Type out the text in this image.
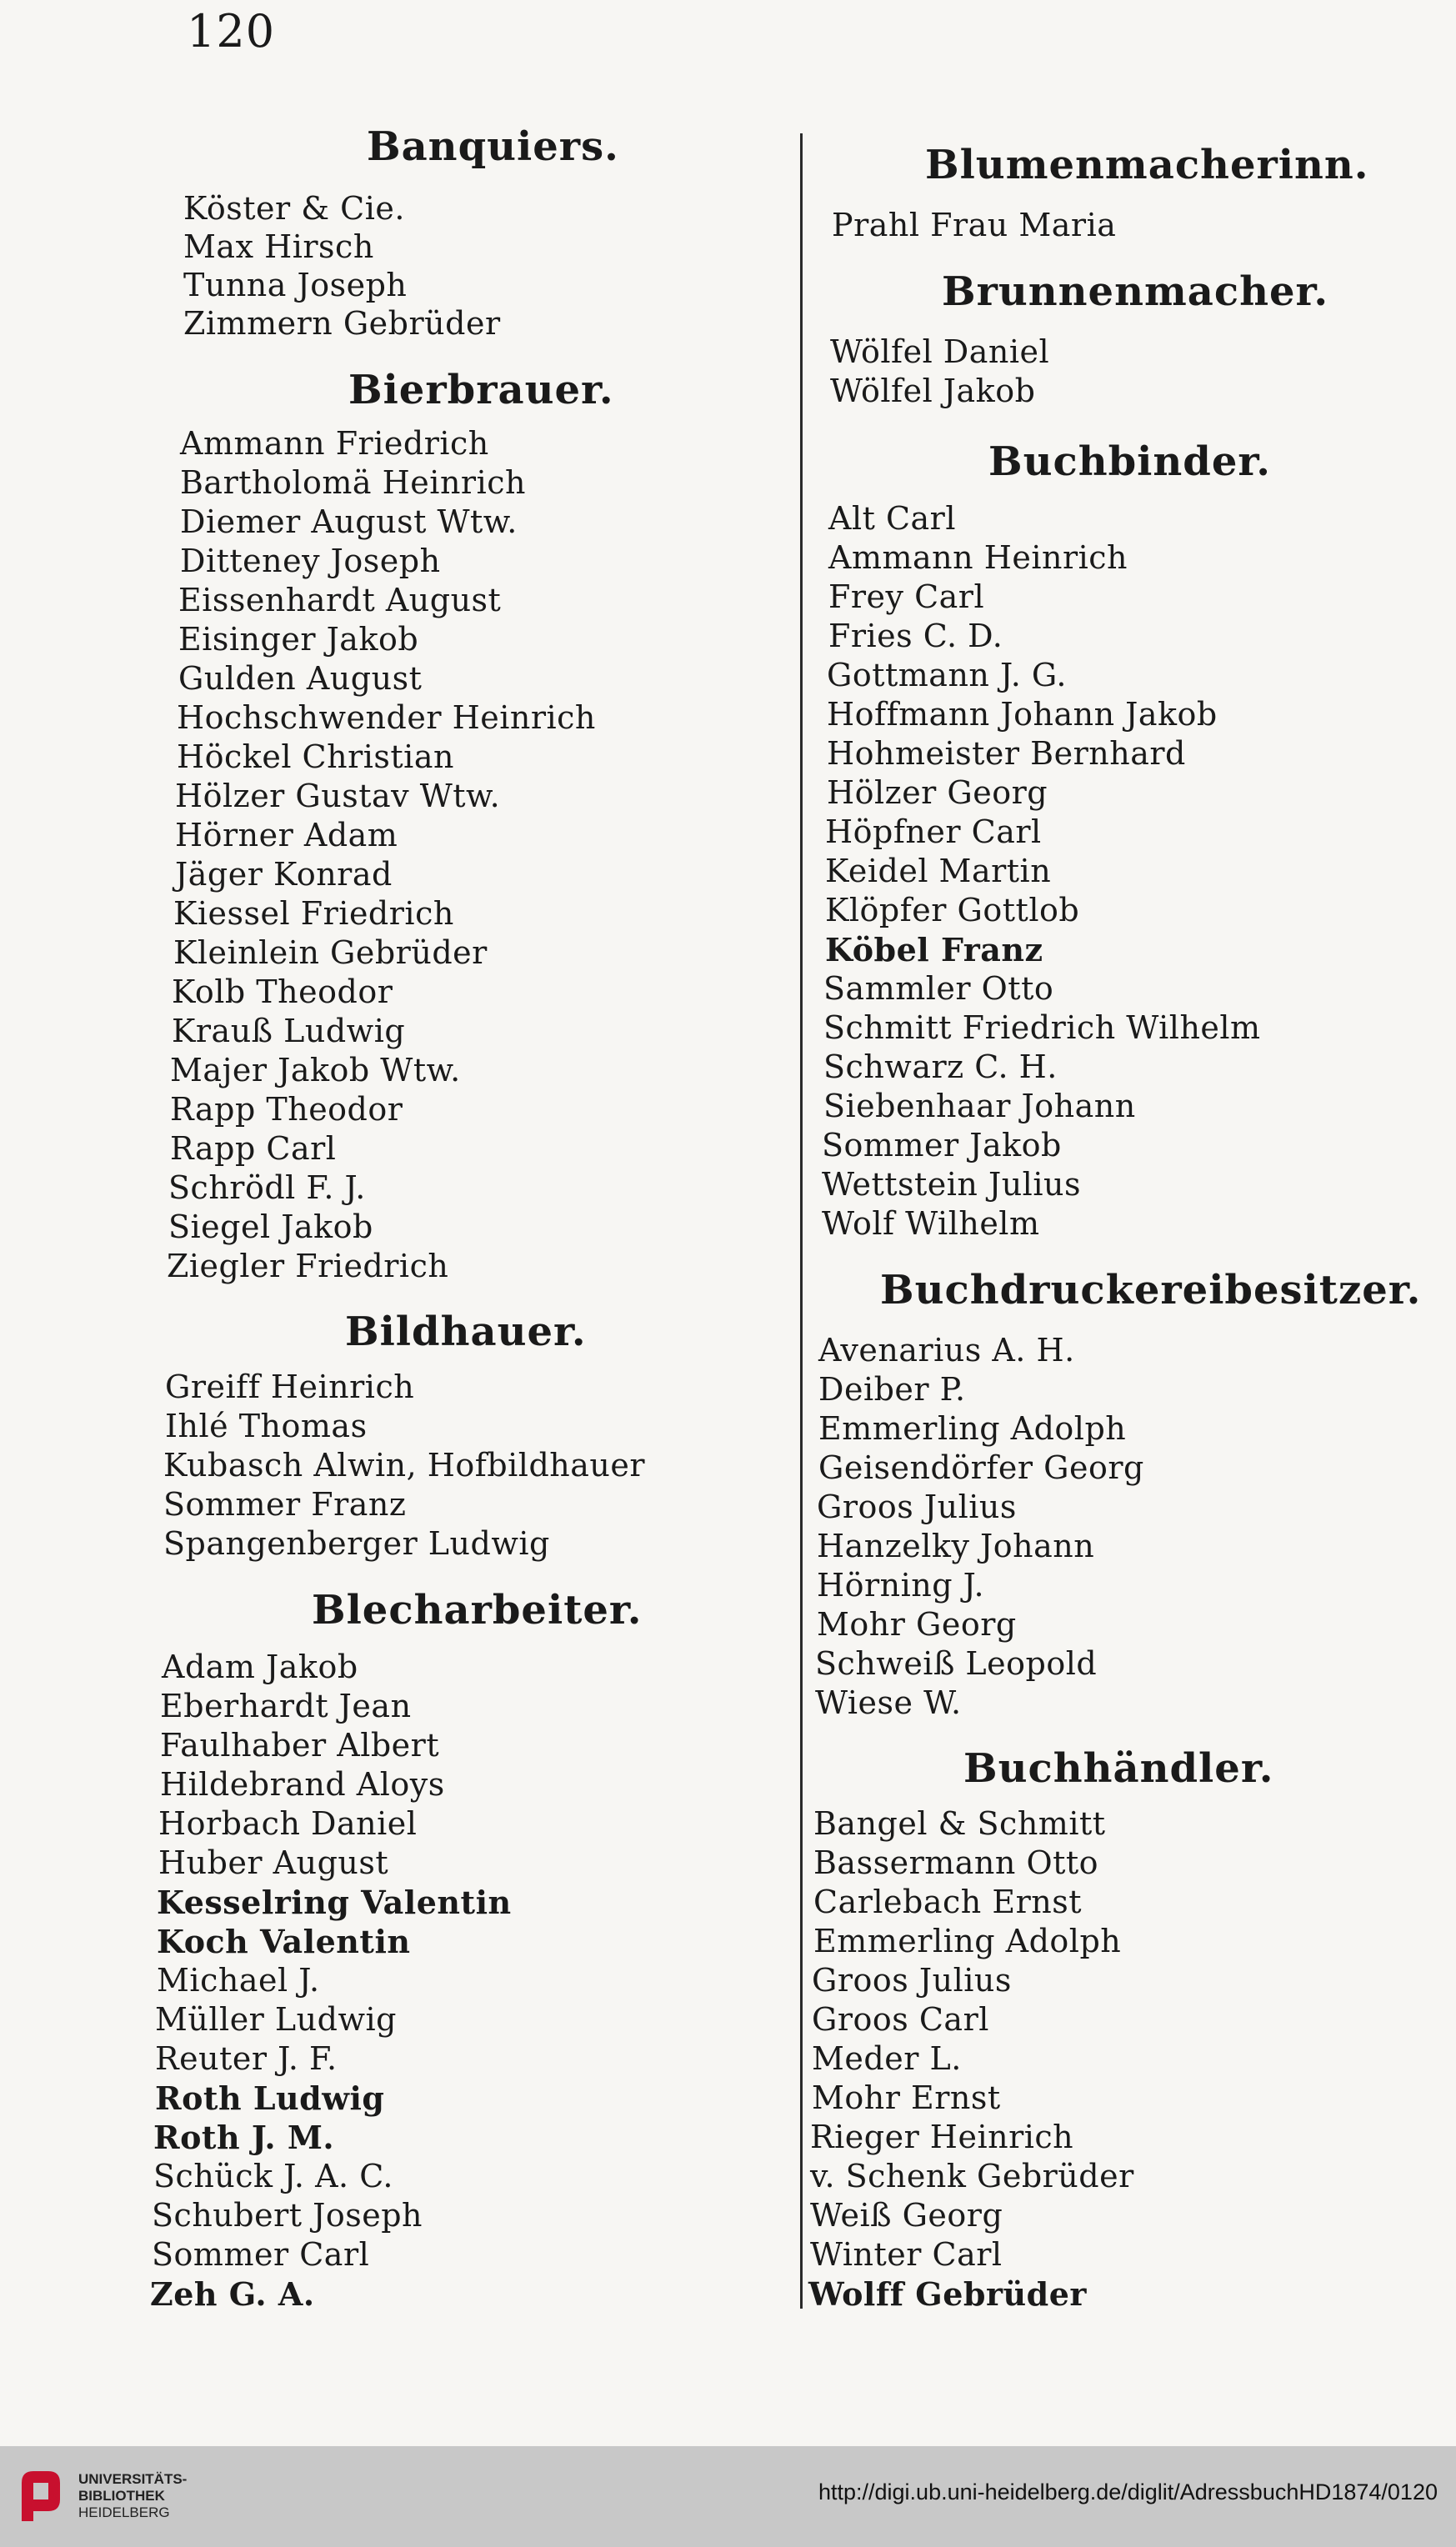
120
Banquiers.
Köster & Cie.
Max Hirsch
Tunna Joseph
Zimmern Gebrüder
Bierbrauer.
Ammann Friedrich
Bartholomä Heinrich
Diemer August Wtw.
Ditteney Joseph
Eissenhardt August
Eisinger Jakob
Gulden August
Hochschwender Heinrich
Höckel Christian
Hölzer Gustav Wtw.
Hörner Adam
Jäger Konrad
Kiessel Friedrich
Kleinlein Gebrüder
Kolb Theodor
Krauß Ludwig
Majer Jakob Wtw.
Rapp Theodor
Rapp Carl
Schrödl F. J.
Siegel Jakob
Ziegler Friedrich
Bildhauer.
Greiff Heinrich
Ihlé Thomas
Kubasch Alwin, Hofbildhauer
Sommer Franz
Spangenberger Ludwig
Blecharbeiter.
Adam Jakob
Eberhardt Jean
Faulhaber Albert
Hildebrand Aloys
Horbach Daniel
Huber August
Kesselring Valentin
Koch Valentin
Michael J.
Müller Ludwig
Reuter J. F.
Roth Ludwig
Roth J. M.
Schück J. A. C.
Schubert Joseph
Sommer Carl
Zeh G. A.
Blumenmacherinn.
Prahl Frau Maria
Brunnenmacher.
Wölfel Daniel
Wölfel Jakob
Buchbinder.
Alt Carl
Ammann Heinrich
Frey Carl
Fries C. D.
Gottmann J. G.
Hoffmann Johann Jakob
Hohmeister Bernhard
Hölzer Georg
Höpfner Carl
Keidel Martin
Klöpfer Gottlob
Köbel Franz
Sammler Otto
Schmitt Friedrich Wilhelm
Schwarz C. H.
Siebenhaar Johann
Sommer Jakob
Wettstein Julius
Wolf Wilhelm
Buchdruckereibesitzer.
Avenarius A. H.
Deiber P.
Emmerling Adolph
Geisendörfer Georg
Groos Julius
Hanzelky Johann
Hörning J.
Mohr Georg
Schweiß Leopold
Wiese W.
Buchhändler.
Bangel & Schmitt
Bassermann Otto
Carlebach Ernst
Emmerling Adolph
Groos Julius
Groos Carl
Meder L.
Mohr Ernst
Rieger Heinrich
v. Schenk Gebrüder
Weiß Georg
Winter Carl
Wolff Gebrüder
UNIVERSITÄTS-
BIBLIOTHEK
HEIDELBERG
http://digi.ub.uni-heidelberg.de/diglit/AdressbuchHD1874/0120
